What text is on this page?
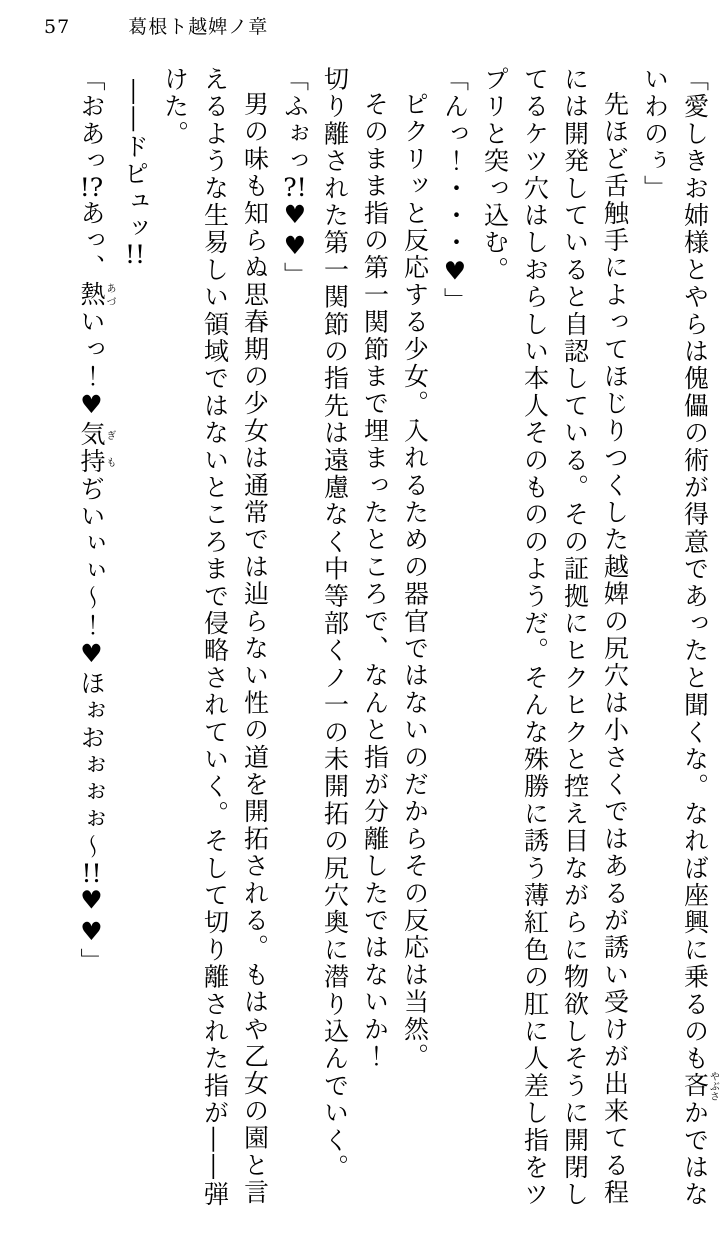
57	葛根ト越婢ノ章
「愛しきお姉様とやらは傀儡の術が得意であったと聞くな。なれば座興に乗るのも吝やぶさかではな
いわのぅ」
先ほど舌触手によってほじりつくした越婢の尻穴は小さくではあるが誘い受けが出来てる程
には開発していると自認している。その証拠にヒクヒクと控え目ながらに物欲しそうに開閉し
てるケツ穴はしおらしい本人そのもののようだ。そんな殊勝に誘う薄紅色の肛に人差し指をツ
プリと突っ込む。
「んっ！・・・♥」
ピクリッと反応する少女。入れるための器官ではないのだからその反応は当然。
そのまま指の第一関節まで埋まったところで、なんと指が分離したではないか！
切り離された第一関節の指先は遠慮なく中等部くノ一の未開拓の尻穴奥に潜り込んでいく。
「ふぉっ?!♥♥」
男の味も知らぬ思春期の少女は通常では辿らない性の道を開拓される。もはや乙女の園と言
えるような生易しい領域ではないところまで侵略されていく。そして切り離された指が――弾
けた。
――ドピュッ!!
「おあっ!?あっ、熱あづいっ！♥気持ぎもぢいぃぃ〜！♥ほぉおぉぉぉ〜!!♥♥」
